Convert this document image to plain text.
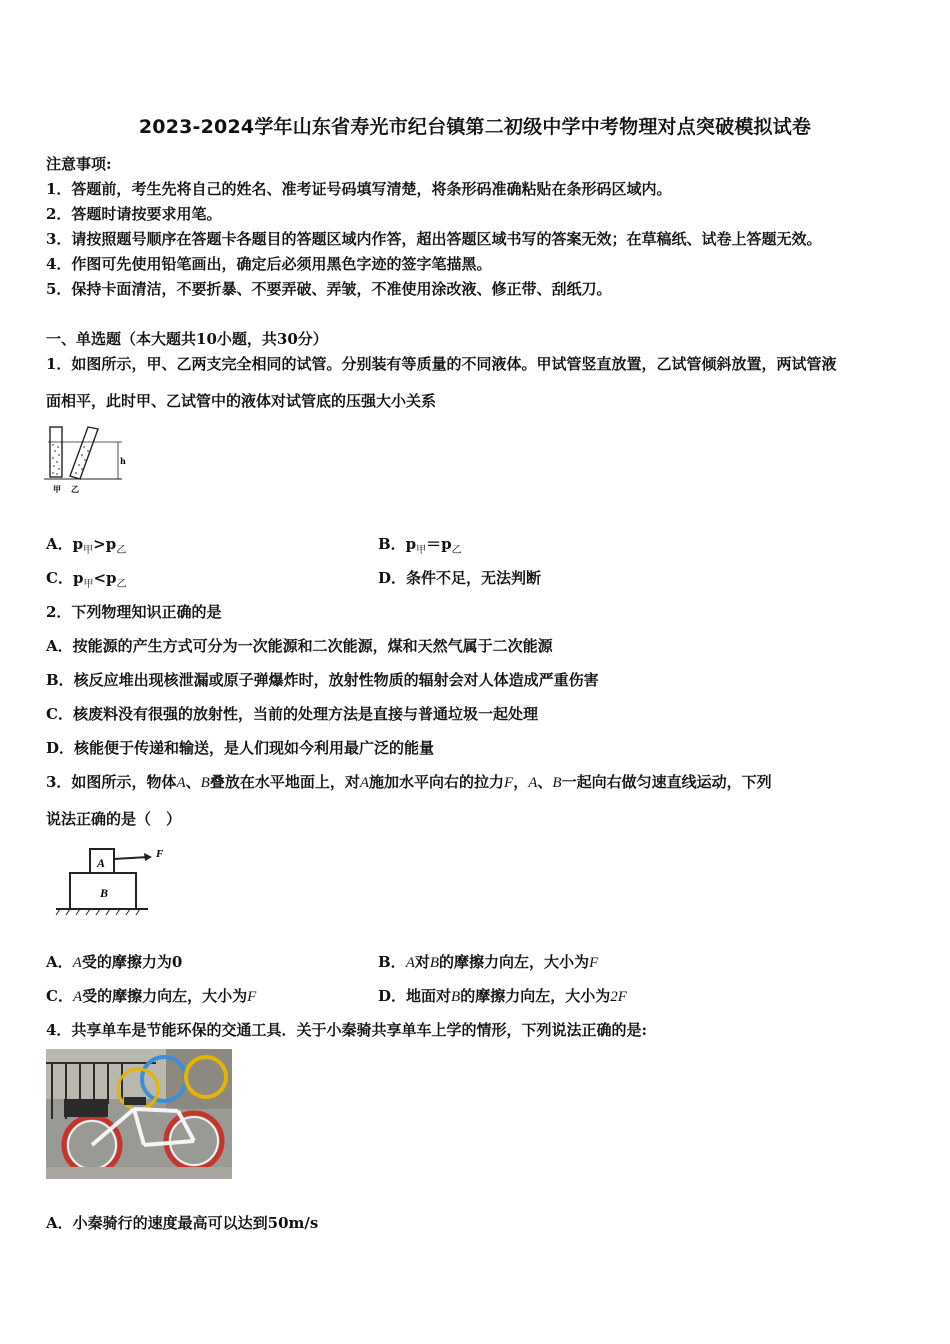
2023-2024学年山东省寿光市纪台镇第二初级中学中考物理对点突破模拟试卷
注意事项:
1．答题前，考生先将自己的姓名、准考证号码填写清楚，将条形码准确粘贴在条形码区域内。
2．答题时请按要求用笔。
3．请按照题号顺序在答题卡各题目的答题区域内作答，超出答题区域书写的答案无效；在草稿纸、试卷上答题无效。
4．作图可先使用铅笔画出，确定后必须用黑色字迹的签字笔描黑。
5．保持卡面清洁，不要折暴、不要弄破、弄皱，不准使用涂改液、修正带、刮纸刀。
一、单选题（本大题共10小题，共30分）
1．如图所示，甲、乙两支完全相同的试管。分别装有等质量的不同液体。甲试管竖直放置，乙试管倾斜放置，两试管液
面相平，此时甲、乙试管中的液体对试管底的压强大小关系
h
甲 乙
A．$p_甲>p_乙$	B．$p_甲=p_乙$
C．$p_甲<p_乙$	D．条件不足，无法判断
2．下列物理知识正确的是
A．按能源的产生方式可分为一次能源和二次能源，煤和天然气属于二次能源
B．核反应堆出现核泄漏或原子弹爆炸时，放射性物质的辐射会对人体造成严重伤害
C．核废料没有很强的放射性，当前的处理方法是直接与普通垃圾一起处理
D．核能便于传递和输送，是人们现如今利用最广泛的能量
3．如图所示，物体A、B叠放在水平地面上，对A施加水平向右的拉力F，A、B一起向右做匀速直线运动，下列
说法正确的是（　）
A
B
F
A．A受的摩擦力为0	B．A对B的摩擦力向左，大小为F
C．A受的摩擦力向左，大小为F	D．地面对B的摩擦力向左，大小为2F
4．共享单车是节能环保的交通工具．关于小秦骑共享单车上学的情形，下列说法正确的是:
A．小秦骑行的速度最高可以达到50m/s
